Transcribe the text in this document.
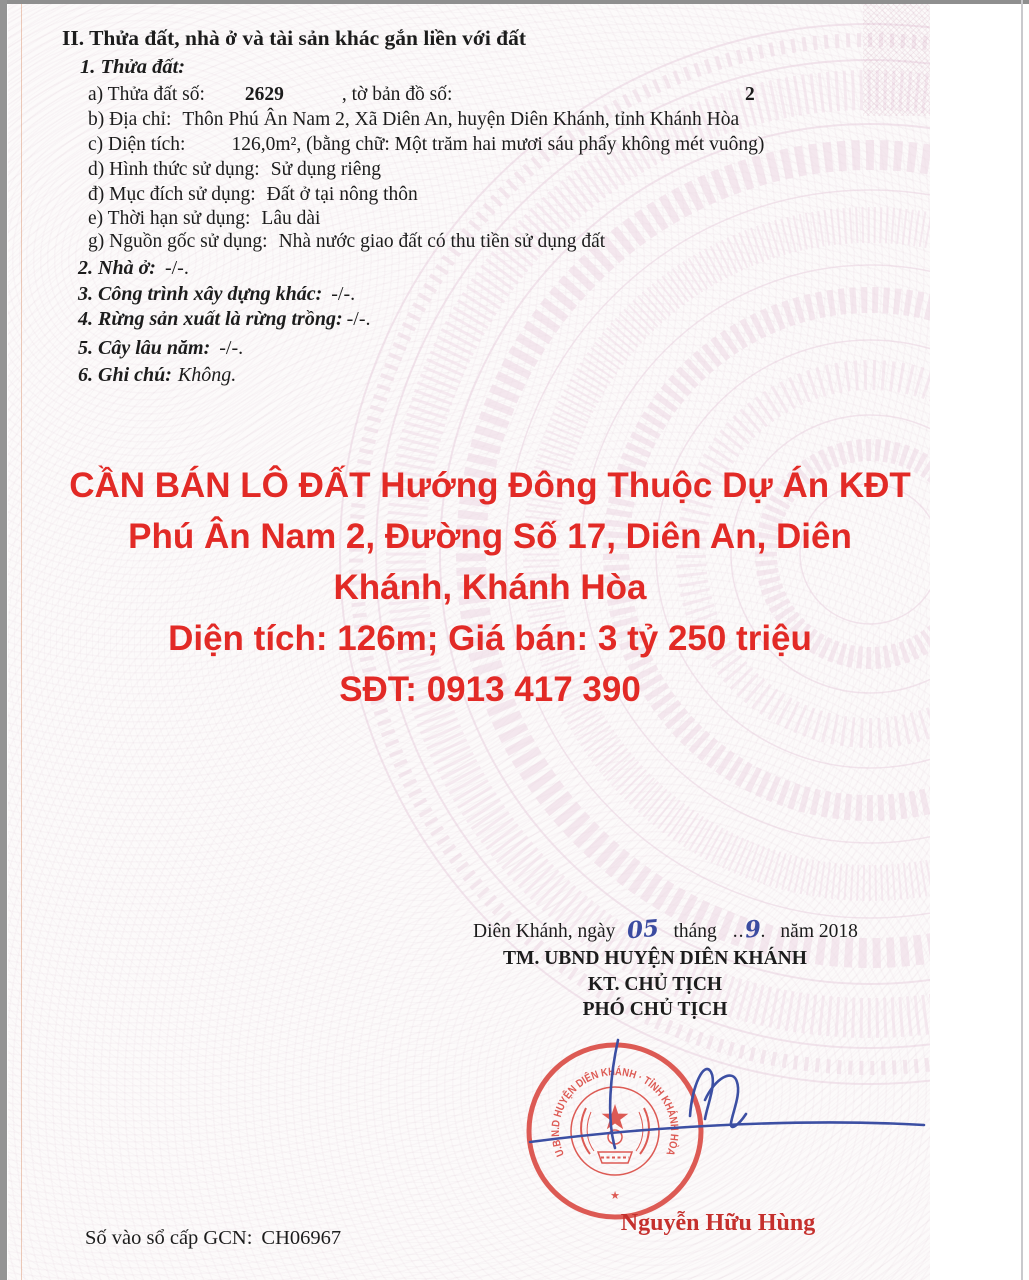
II. Thửa đất, nhà ở và tài sản khác gắn liền với đất
1. Thửa đất:
a) Thửa đất số: 2629	, tờ bản đồ số:	2
b) Địa chỉ: Thôn Phú Ân Nam 2, Xã Diên An, huyện Diên Khánh, tỉnh Khánh Hòa
c) Diện tích: 126,0m², (bằng chữ: Một trăm hai mươi sáu phẩy không mét vuông)
d) Hình thức sử dụng: Sử dụng riêng
đ) Mục đích sử dụng: Đất ở tại nông thôn
e) Thời hạn sử dụng: Lâu dài
g) Nguồn gốc sử dụng: Nhà nước giao đất có thu tiền sử dụng đất
2. Nhà ở: -/-.
3. Công trình xây dựng khác: -/-.
4. Rừng sản xuất là rừng trồng: -/-.
5. Cây lâu năm: -/-.
6. Ghi chú: Không.
CẦN BÁN LÔ ĐẤT Hướng Đông Thuộc Dự Án KĐT
Phú Ân Nam 2, Đường Số 17, Diên An, Diên
Khánh, Khánh Hòa
Diện tích: 126m; Giá bán: 3 tỷ 250 triệu
SĐT: 0913 417 390
Diên Khánh, ngày 05 tháng ..9. năm 2018
TM. UBND HUYỆN DIÊN KHÁNH
KT. CHỦ TỊCH
PHÓ CHỦ TỊCH
U.B.N.D HUYỆN DIÊN KHÁNH · TỈNH KHÁNH HÒA
★
Nguyễn Hữu Hùng
Số vào sổ cấp GCN: CH06967
